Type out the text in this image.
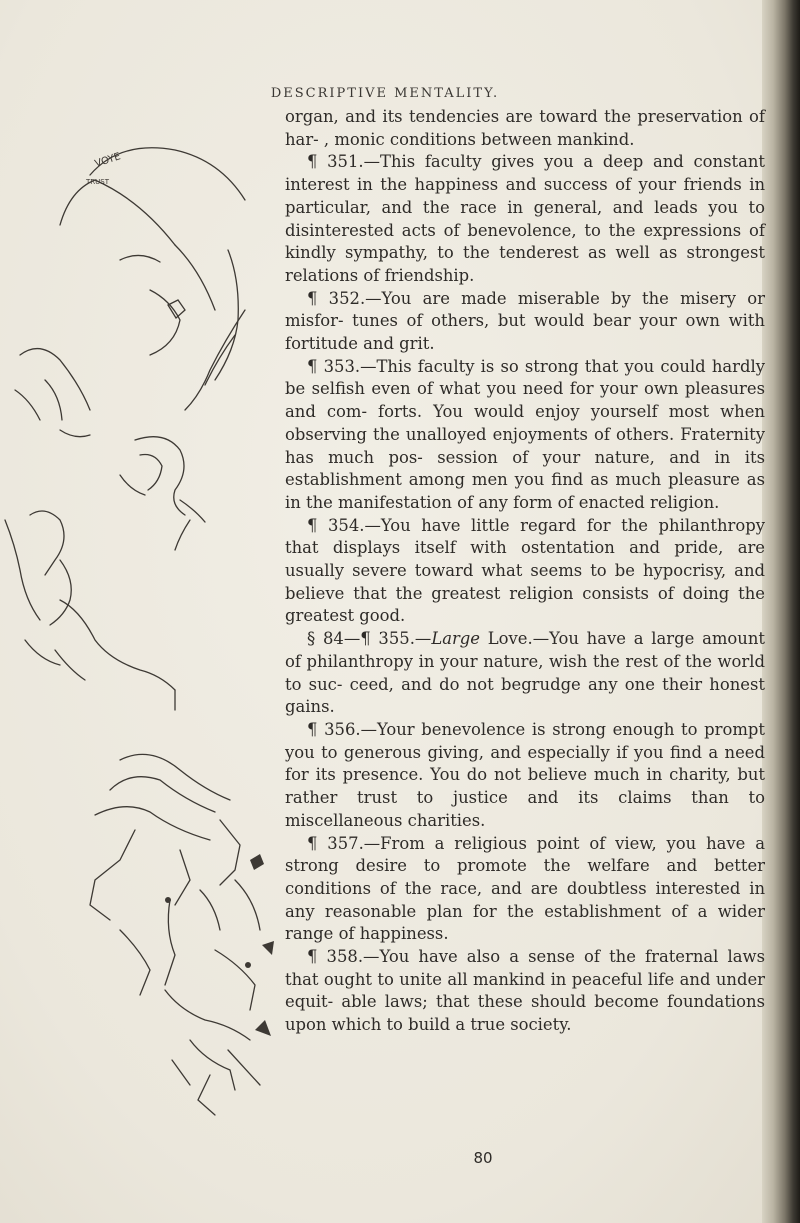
DESCRIPTIVE MENTALITY.
VOYE
TRUST

organ, and its tendencies are toward the preservation of har- , monic conditions between mankind.

¶ 351.—This faculty gives you a deep and constant interest in the happiness and success of your friends in particular, and the race in general, and leads you to disinterested acts of benevolence, to the expressions of kindly sympathy, to the tenderest as well as strongest relations of friendship.

¶ 352.—You are made miserable by the misery or misfor- tunes of others, but would bear your own with fortitude and grit.

¶ 353.—This faculty is so strong that you could hardly be selfish even of what you need for your own pleasures and com- forts. You would enjoy yourself most when observing the unalloyed enjoyments of others. Fraternity has much pos- session of your nature, and in its establishment among men you find as much pleasure as in the manifestation of any form of enacted religion.

¶ 354.—You have little regard for the philanthropy that displays itself with ostentation and pride, are usually severe toward what seems to be hypocrisy, and believe that the greatest religion consists of doing the greatest good.

§ 84—¶ 355.—Large Love.—You have a large amount of philanthropy in your nature, wish the rest of the world to suc- ceed, and do not begrudge any one their honest gains.

¶ 356.—Your benevolence is strong enough to prompt you to generous giving, and especially if you find a need for its presence. You do not believe much in charity, but rather trust to justice and its claims than to miscellaneous charities.

¶ 357.—From a religious point of view, you have a strong desire to promote the welfare and better conditions of the race, and are doubtless interested in any reasonable plan for the establishment of a wider range of happiness.

¶ 358.—You have also a sense of the fraternal laws that ought to unite all mankind in peaceful life and under equit- able laws; that these should become foundations upon which to build a true society.

80
